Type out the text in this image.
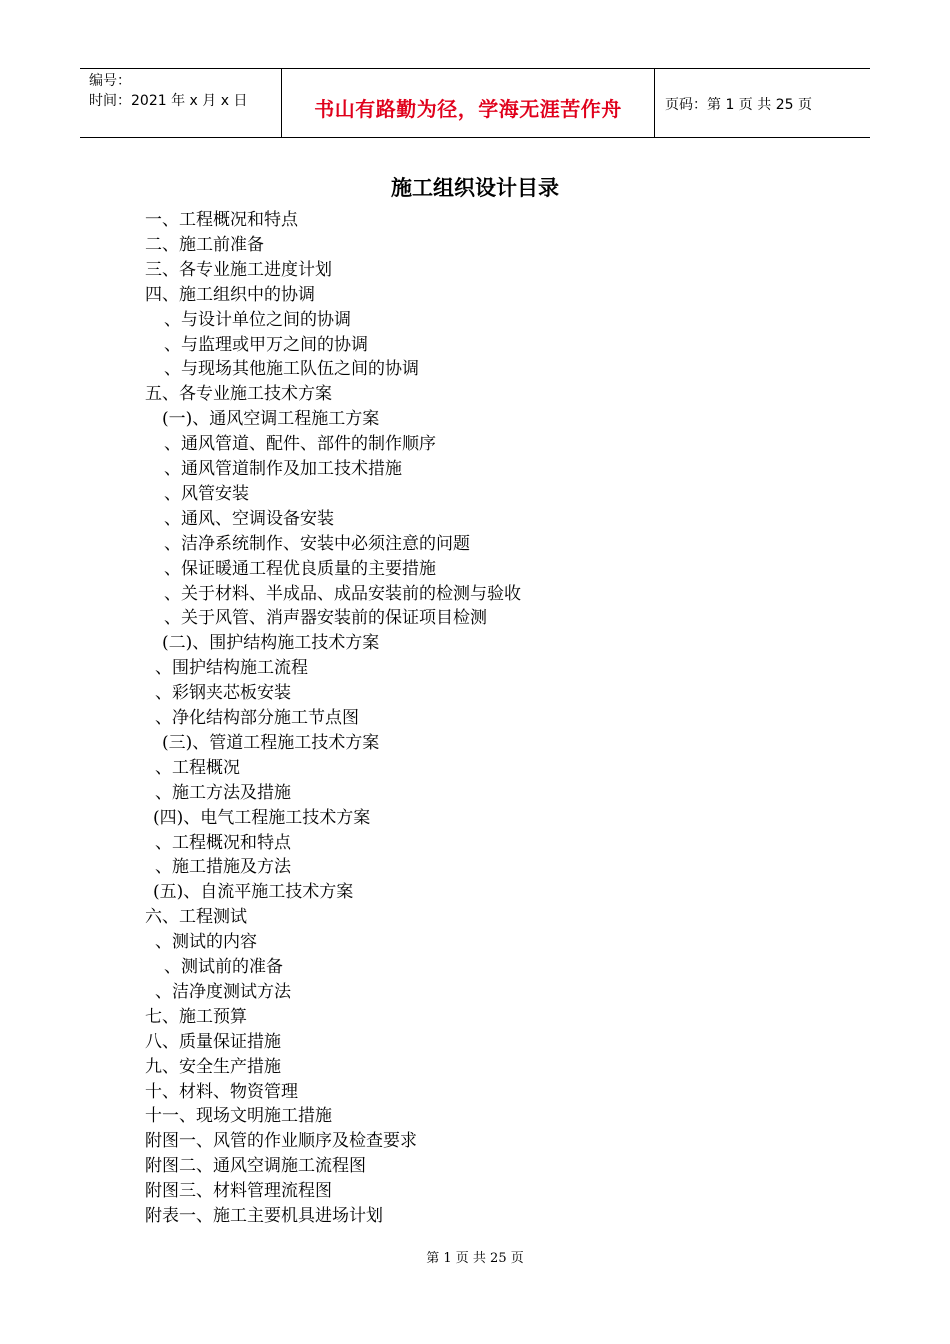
编号：
时间：2021 年 x 月 x 日	书山有路勤为径，学海无涯苦作舟	页码：第 1 页 共 25 页
施工组织设计目录
一、工程概况和特点
二、施工前准备
三、各专业施工进度计划
四、施工组织中的协调
、与设计单位之间的协调
、与监理或甲万之间的协调
、与现场其他施工队伍之间的协调
五、各专业施工技术方案
(一)、通风空调工程施工方案
、通风管道、配件、部件的制作顺序
、通风管道制作及加工技术措施
、风管安装
、通风、空调设备安装
、洁净系统制作、安装中必须注意的问题
、保证暖通工程优良质量的主要措施
、关于材料、半成品、成品安装前的检测与验收
、关于风管、消声器安装前的保证项目检测
(二)、围护结构施工技术方案
、围护结构施工流程
、彩钢夹芯板安装
、净化结构部分施工节点图
(三)、管道工程施工技术方案
、工程概况
、施工方法及措施
(四)、电气工程施工技术方案
、工程概况和特点
、施工措施及方法
(五)、自流平施工技术方案
六、工程测试
、测试的内容
、测试前的准备
、洁净度测试方法
七、施工预算
八、质量保证措施
九、安全生产措施
十、材料、物资管理
十一、现场文明施工措施
附图一、风管的作业顺序及检查要求
附图二、通风空调施工流程图
附图三、材料管理流程图
附表一、施工主要机具进场计划
第 1 页 共 25 页
